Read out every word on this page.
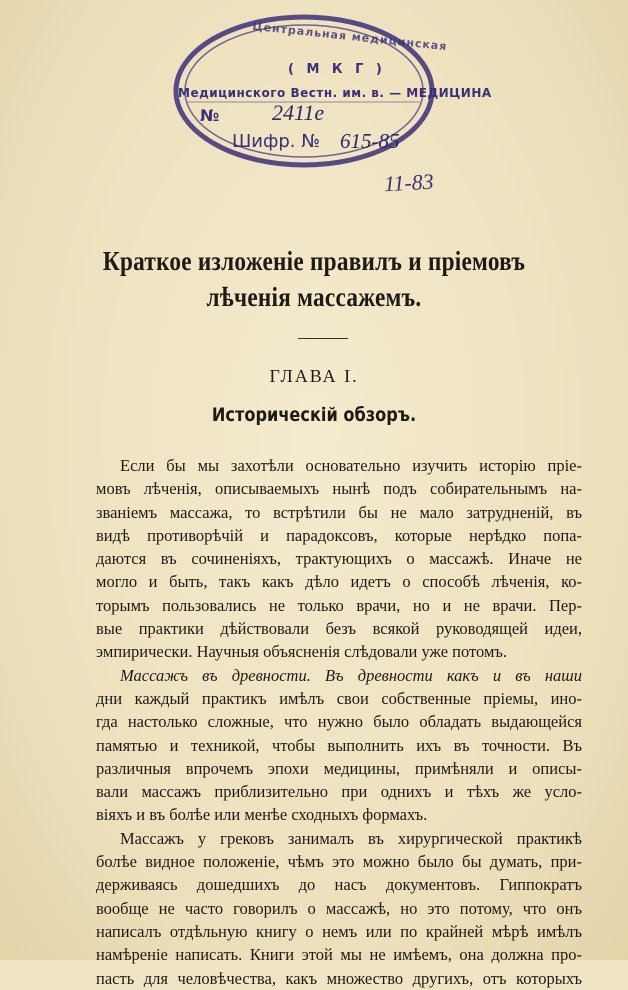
Центральная медицинская
( М К Г )
Медицинского Вестн. им. в. — МЕДИЦИНА
№ 2411е
Шифр. № 615-85
11-83
Краткое изложеніе правилъ и пріемовъ
лѣченія массажемъ.
ГЛАВА I.
Историческій обзоръ.
Если бы мы захотѣли основательно изучить исторію пріе-
мовъ лѣченія, описываемыхъ нынѣ подъ собирательнымъ на-
званіемъ массажа, то встрѣтили бы не мало затрудненій, въ
видѣ противорѣчій и парадоксовъ, которые нерѣдко попа-
даются въ сочиненіяхъ, трактующихъ о массажѣ. Иначе не
могло и быть, такъ какъ дѣло идетъ о способѣ лѣченія, ко-
торымъ пользовались не только врачи, но и не врачи. Пер-
вые практики дѣйствовали безъ всякой руководящей идеи,
эмпирически. Научныя объясненія слѣдовали уже потомъ.
Массажъ въ древности. Въ древности какъ и въ наши
дни каждый практикъ имѣлъ свои собственные пріемы, ино-
гда настолько сложные, что нужно было обладать выдающейся
памятью и техникой, чтобы выполнить ихъ въ точности. Въ
различныя впрочемъ эпохи медицины, примѣняли и описы-
вали массажъ приблизительно при одниxъ и тѣхъ же усло-
віяхъ и въ болѣе или менѣе сходныхъ формахъ.
Массажъ у грековъ занималъ въ хирургической практикѣ
болѣе видное положеніе, чѣмъ это можно было бы думать, при-
держиваясь дошедшихъ до насъ документовъ. Гиппократъ
вообще не часто говорилъ о массажѣ, но это потому, что онъ
написалъ отдѣльную книгу о немъ или по крайней мѣрѣ имѣлъ
намѣреніе написать. Книги этой мы не имѣемъ, она должна про-
пасть для человѣчества, какъ множество другихъ, отъ которыхъ
